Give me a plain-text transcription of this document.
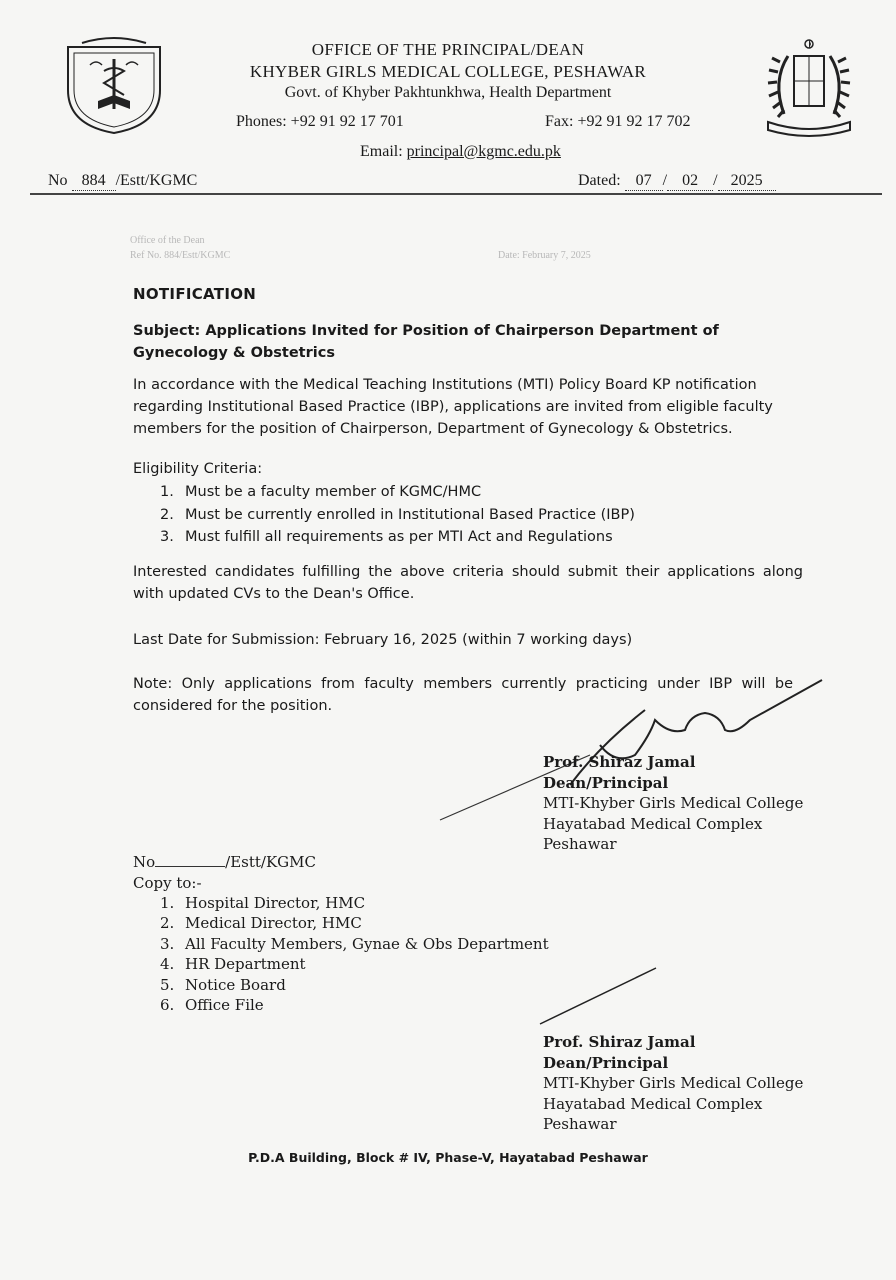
OFFICE OF THE PRINCIPAL/DEAN
KHYBER GIRLS MEDICAL COLLEGE, PESHAWAR
Govt. of Khyber Pakhtunkhwa, Health Department
Phones: +92 91 92 17 701	Fax: +92 91 92 17 702
Email: principal@kgmc.edu.pk
No 884 /Estt/KGMC	Dated: 07 / 02 / 2025
Office of the Dean
Ref No. 884/Estt/KGMC	Date: February 7, 2025
NOTIFICATION
Subject: Applications Invited for Position of Chairperson Department of Gynecology & Obstetrics
In accordance with the Medical Teaching Institutions (MTI) Policy Board KP notification regarding Institutional Based Practice (IBP), applications are invited from eligible faculty members for the position of Chairperson, Department of Gynecology & Obstetrics.
Eligibility Criteria:
1. Must be a faculty member of KGMC/HMC
2. Must be currently enrolled in Institutional Based Practice (IBP)
3. Must fulfill all requirements as per MTI Act and Regulations
Interested candidates fulfilling the above criteria should submit their applications along with updated CVs to the Dean's Office.
Last Date for Submission: February 16, 2025 (within 7 working days)
Note: Only applications from faculty members currently practicing under IBP will be considered for the position.
Prof. Shiraz Jamal
Dean/Principal
MTI-Khyber Girls Medical College
Hayatabad Medical Complex
Peshawar
No	/Estt/KGMC
Copy to:-
1. Hospital Director, HMC
2. Medical Director, HMC
3. All Faculty Members, Gynae & Obs Department
4. HR Department
5. Notice Board
6. Office File
Prof. Shiraz Jamal
Dean/Principal
MTI-Khyber Girls Medical College
Hayatabad Medical Complex
Peshawar
P.D.A Building, Block # IV, Phase-V, Hayatabad Peshawar
